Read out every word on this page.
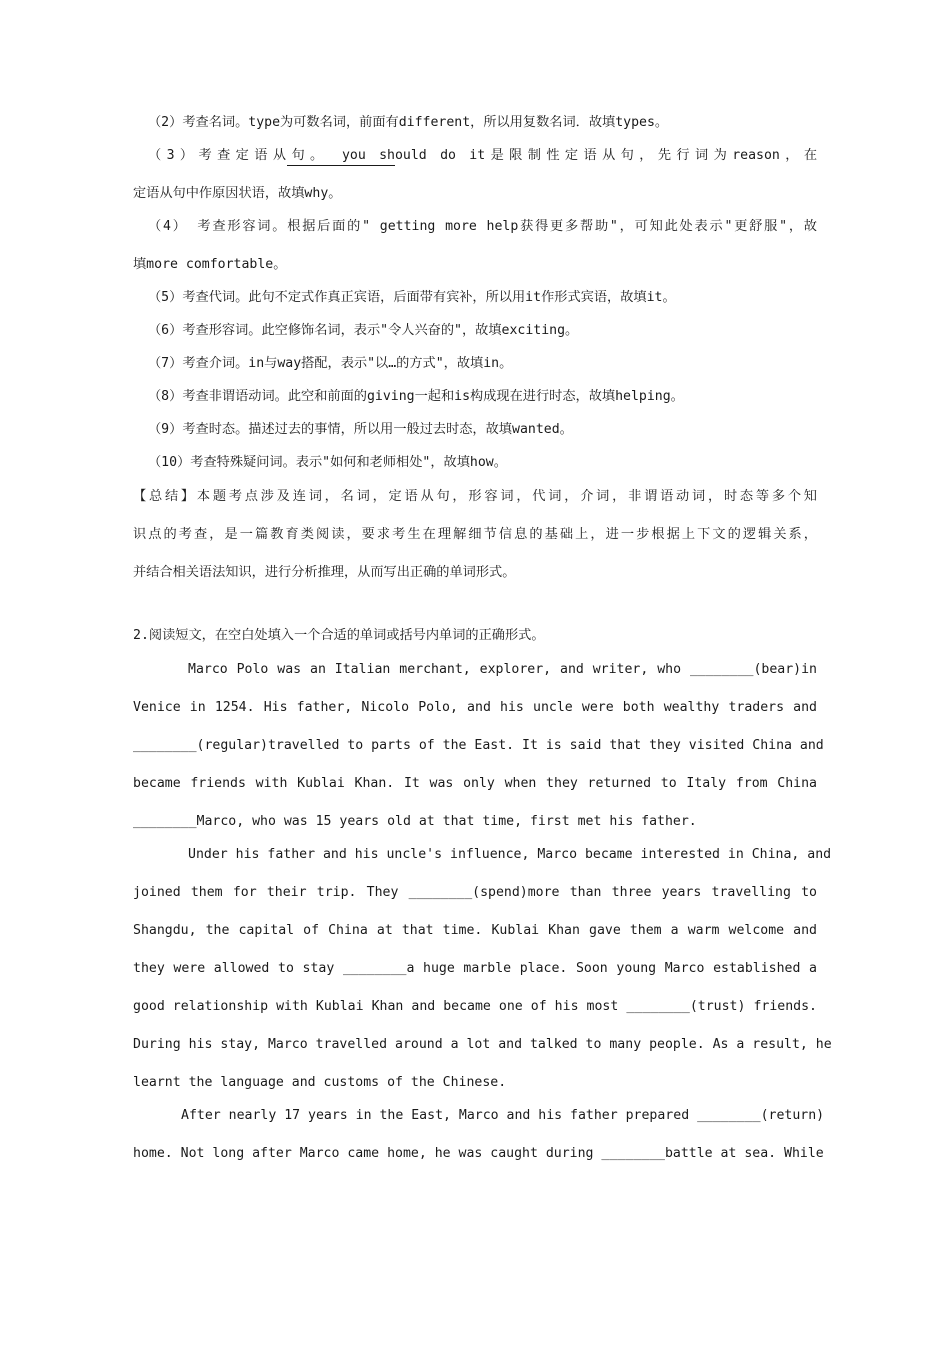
（2）考查名词。type为可数名词，前面有different，所以用复数名词．故填types。
（3）考查定语从句。 you should do it是限制性定语从句，先行词为reason，在
定语从句中作原因状语，故填why。
（4） 考查形容词。根据后面的" getting more help获得更多帮助"，可知此处表示"更舒服"，故
填more comfortable。
（5）考查代词。此句不定式作真正宾语，后面带有宾补，所以用it作形式宾语，故填it。
（6）考查形容词。此空修饰名词，表示"令人兴奋的"，故填exciting。
（7）考查介词。in与way搭配，表示"以…的方式"，故填in。
（8）考查非谓语动词。此空和前面的giving一起和is构成现在进行时态，故填helping。
（9）考查时态。描述过去的事情，所以用一般过去时态，故填wanted。
（10）考查特殊疑问词。表示"如何和老师相处"，故填how。
【总结】本题考点涉及连词，名词，定语从句，形容词，代词，介词，非谓语动词，时态等多个知
识点的考查，是一篇教育类阅读，要求考生在理解细节信息的基础上，进一步根据上下文的逻辑关系，
并结合相关语法知识，进行分析推理，从而写出正确的单词形式。
2.阅读短文，在空白处填入一个合适的单词或括号内单词的正确形式。
Marco Polo was an Italian merchant, explorer, and writer, who ________(bear)in
Venice in 1254. His father, Nicolo Polo, and his uncle were both wealthy traders and
________(regular)travelled to parts of the East. It is said that they visited China and
became friends with Kublai Khan. It was only when they returned to Italy from China
________Marco, who was 15 years old at that time, first met his father.
Under his father and his uncle's influence, Marco became interested in China, and
joined them for their trip. They ________(spend)more than three years travelling to
Shangdu, the capital of China at that time. Kublai Khan gave them a warm welcome and
they were allowed to stay ________a huge marble place. Soon young Marco established a
good relationship with Kublai Khan and became one of his most ________(trust) friends.
During his stay, Marco travelled around a lot and talked to many people. As a result, he
learnt the language and customs of the Chinese.
After nearly 17 years in the East, Marco and his father prepared ________(return)
home. Not long after Marco came home, he was caught during ________battle at sea. While
